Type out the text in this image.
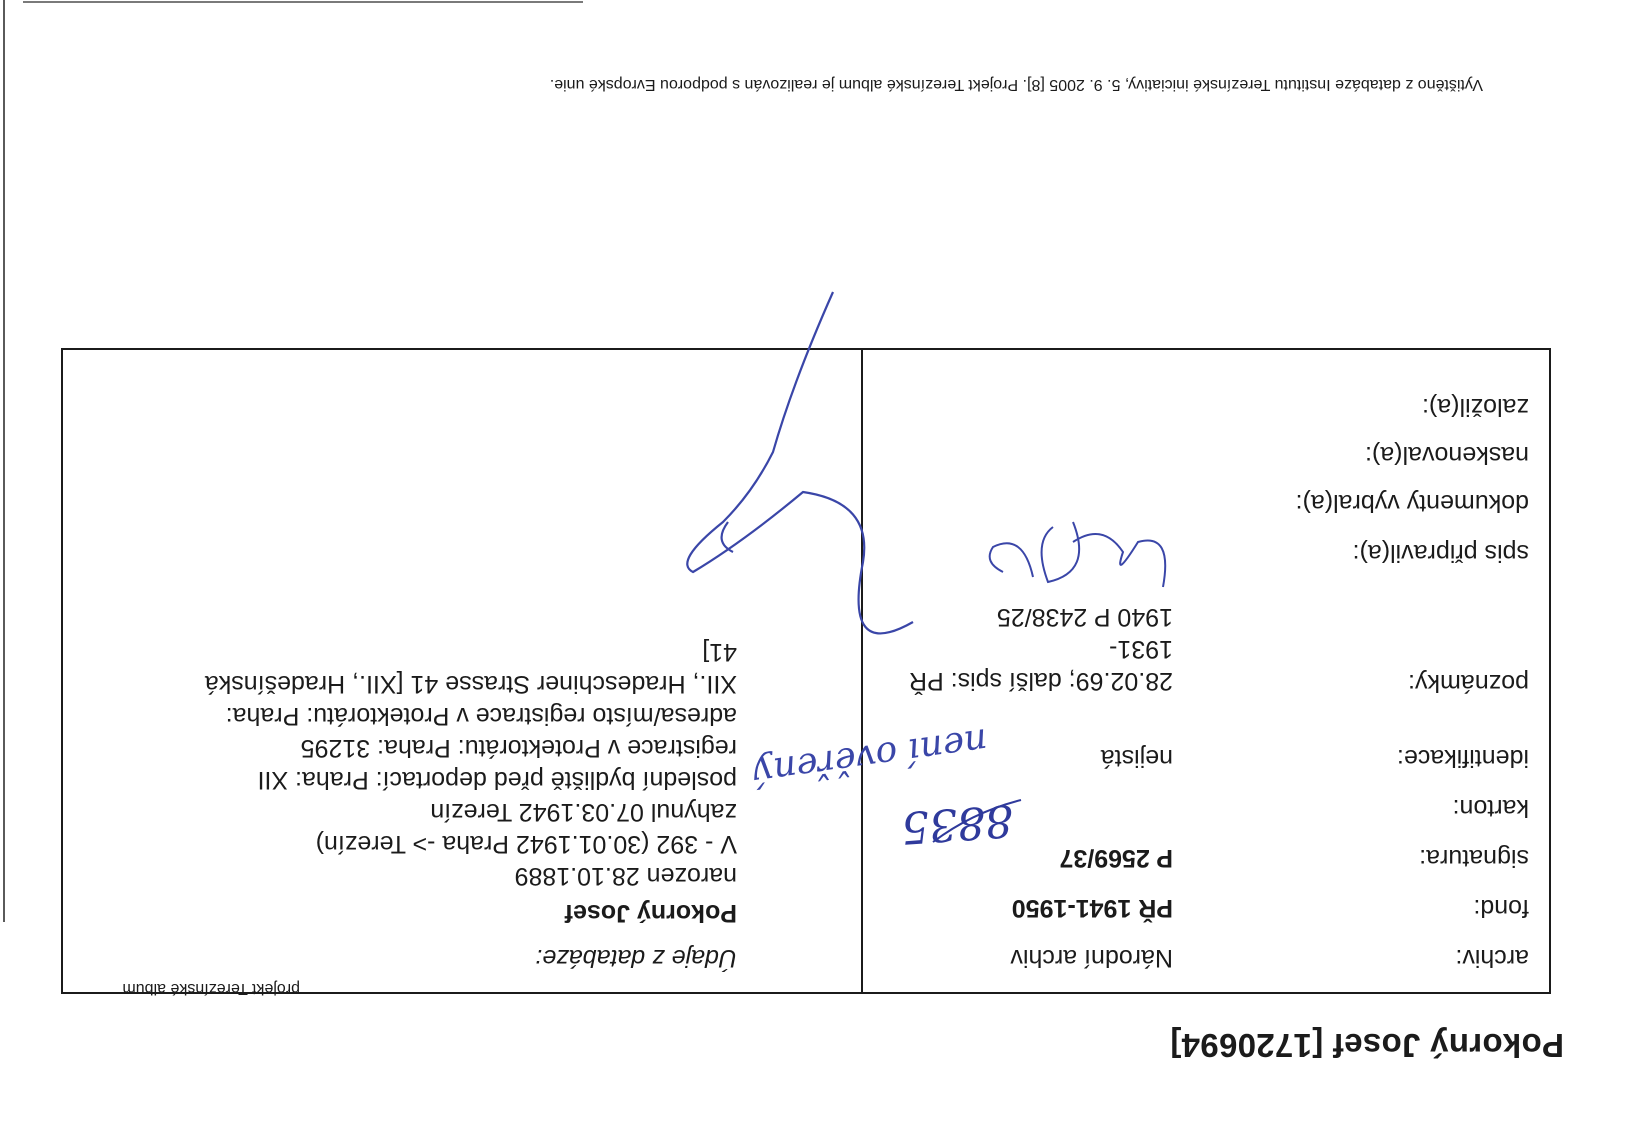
Pokorný Josef [1720694]
projekt Terezínské album
archiv:
Národní archiv
fond:
PŘ 1941-1950
signatura:
P 2569/37
karton:
identifikace:
nejistá
poznámky:
28.02.69; další spis: PŘ 1931-
1940 P 2438/25
spis připravil(a):
dokumenty vybral(a):
naskenoval(a):
založil(a):
Údaje z databáze:
Pokorný Josef
narozen 28.10.1889
V - 392 (30.01.1942 Praha -> Terezín)
zahynul 07.03.1942 Terezín
poslední bydliště před deportací: Praha: XII
registrace v Protektorátu: Praha: 31295
adresa/místo registrace v Protektorátu: Praha:
XII., Hradeschiner Strasse 41 [XII., Hradešínská
41]
Vytištěno z databáze Institutu Terezínské iniciativy, 5. 9. 2005 [8]. Projekt Terezínské album je realizován s podporou Evropské unie.
8835
není ověřený
